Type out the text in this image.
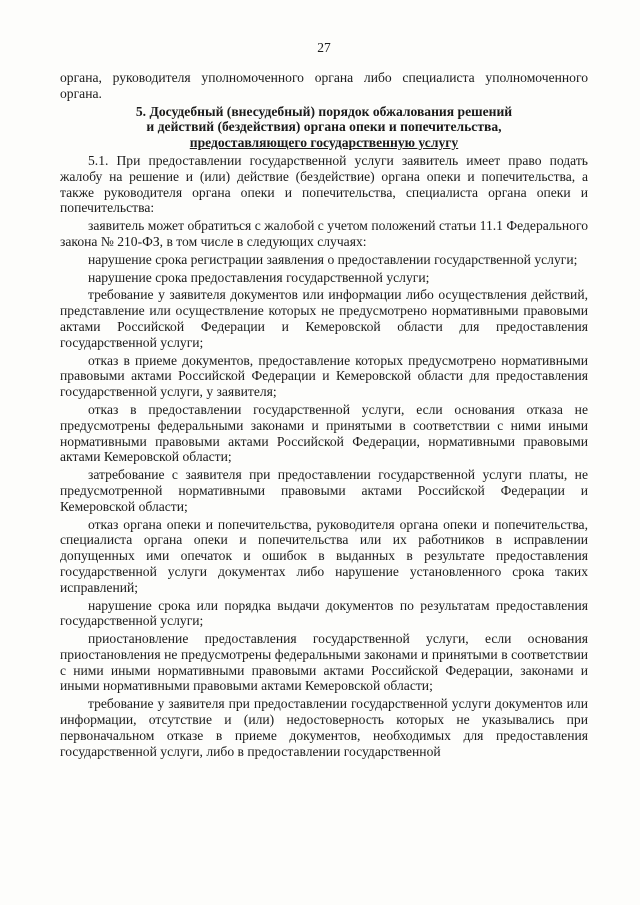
27

органа, руководителя уполномоченного органа либо специалиста уполномоченного органа.

5. Досудебный (внесудебный) порядок обжалования решений
и действий (бездействия) органа опеки и попечительства,
предоставляющего государственную услугу

5.1. При предоставлении государственной услуги заявитель имеет право подать жалобу на решение и (или) действие (бездействие) органа опеки и попечительства, а также руководителя органа опеки и попечительства, специалиста органа опеки и попечительства:

заявитель может обратиться с жалобой с учетом положений статьи 11.1 Федерального закона № 210-ФЗ, в том числе в следующих случаях:

нарушение срока регистрации заявления о предоставлении государственной услуги;

нарушение срока предоставления государственной услуги;

требование у заявителя документов или информации либо осуществления действий, представление или осуществление которых не предусмотрено нормативными правовыми актами Российской Федерации и Кемеровской области для предоставления государственной услуги;

отказ в приеме документов, предоставление которых предусмотрено нормативными правовыми актами Российской Федерации и Кемеровской области для предоставления государственной услуги, у заявителя;

отказ в предоставлении государственной услуги, если основания отказа не предусмотрены федеральными законами и принятыми в соответствии с ними иными нормативными правовыми актами Российской Федерации, нормативными правовыми актами Кемеровской области;

затребование с заявителя при предоставлении государственной услуги платы, не предусмотренной нормативными правовыми актами Российской Федерации и Кемеровской области;

отказ органа опеки и попечительства, руководителя органа опеки и попечительства, специалиста органа опеки и попечительства или их работников в исправлении допущенных ими опечаток и ошибок в выданных в результате предоставления государственной услуги документах либо нарушение установленного срока таких исправлений;

нарушение срока или порядка выдачи документов по результатам предоставления государственной услуги;

приостановление предоставления государственной услуги, если основания приостановления не предусмотрены федеральными законами и принятыми в соответствии с ними иными нормативными правовыми актами Российской Федерации, законами и иными нормативными правовыми актами Кемеровской области;

требование у заявителя при предоставлении государственной услуги документов или информации, отсутствие и (или) недостоверность которых не указывались при первоначальном отказе в приеме документов, необходимых для предоставления государственной услуги, либо в предоставлении государственной
